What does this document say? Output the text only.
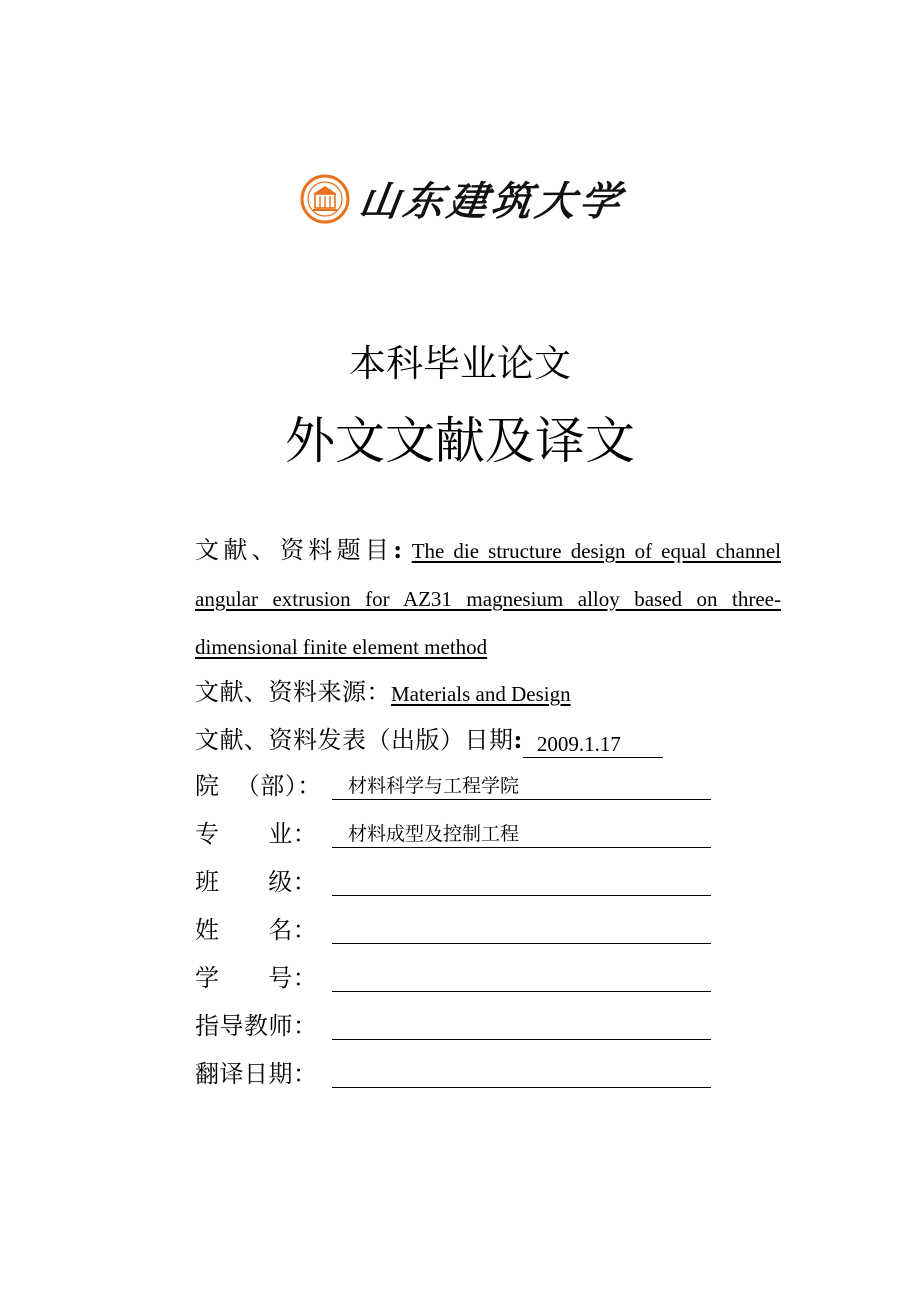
山东建筑大学
本科毕业论文
外文文献及译文
文献、资料题目: The die structure design of equal channel angular extrusion for AZ31 magnesium alloy based on three-dimensional finite element method
文献、资料来源： Materials and Design
文献、资料发表（出版）日期 : 2009.1.17
院  （部）： 材料科学与工程学院
专      业： 材料成型及控制工程
班      级：
姓      名：
学      号：
指导教师：
翻译日期：
